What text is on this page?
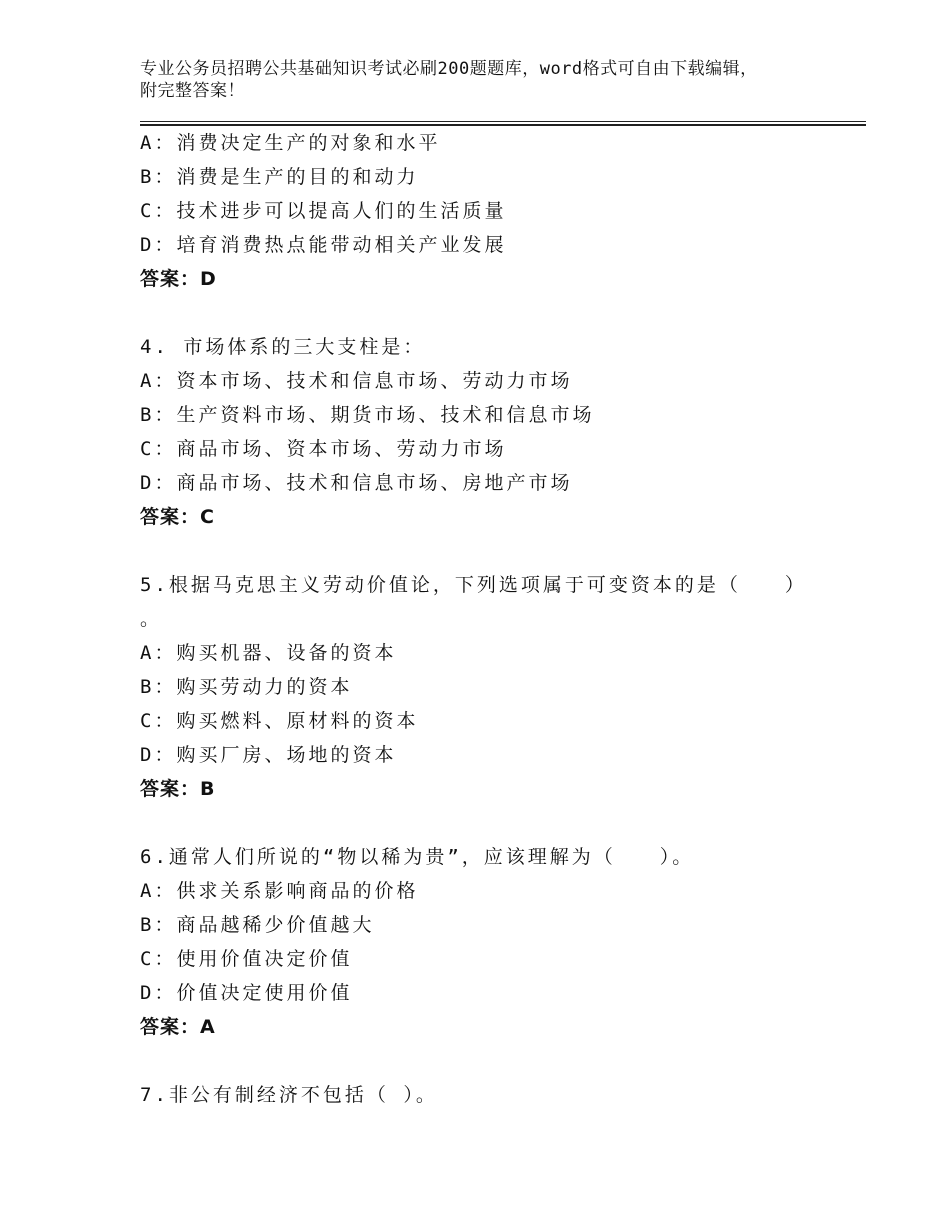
专业公务员招聘公共基础知识考试必刷200题题库，word格式可自由下载编辑，
附完整答案！
A：消费决定生产的对象和水平
B：消费是生产的目的和动力
C：技术进步可以提高人们的生活质量
D：培育消费热点能带动相关产业发展
答案：D
4. 市场体系的三大支柱是：
A：资本市场、技术和信息市场、劳动力市场
B：生产资料市场、期货市场、技术和信息市场
C：商品市场、资本市场、劳动力市场
D：商品市场、技术和信息市场、房地产市场
答案：C
5.根据马克思主义劳动价值论，下列选项属于可变资本的是（　　）
。
A：购买机器、设备的资本
B：购买劳动力的资本
C：购买燃料、原材料的资本
D：购买厂房、场地的资本
答案：B
6.通常人们所说的“物以稀为贵”，应该理解为（　　）。
A：供求关系影响商品的价格
B：商品越稀少价值越大
C：使用价值决定价值
D：价值决定使用价值
答案：A
7.非公有制经济不包括（ ）。
